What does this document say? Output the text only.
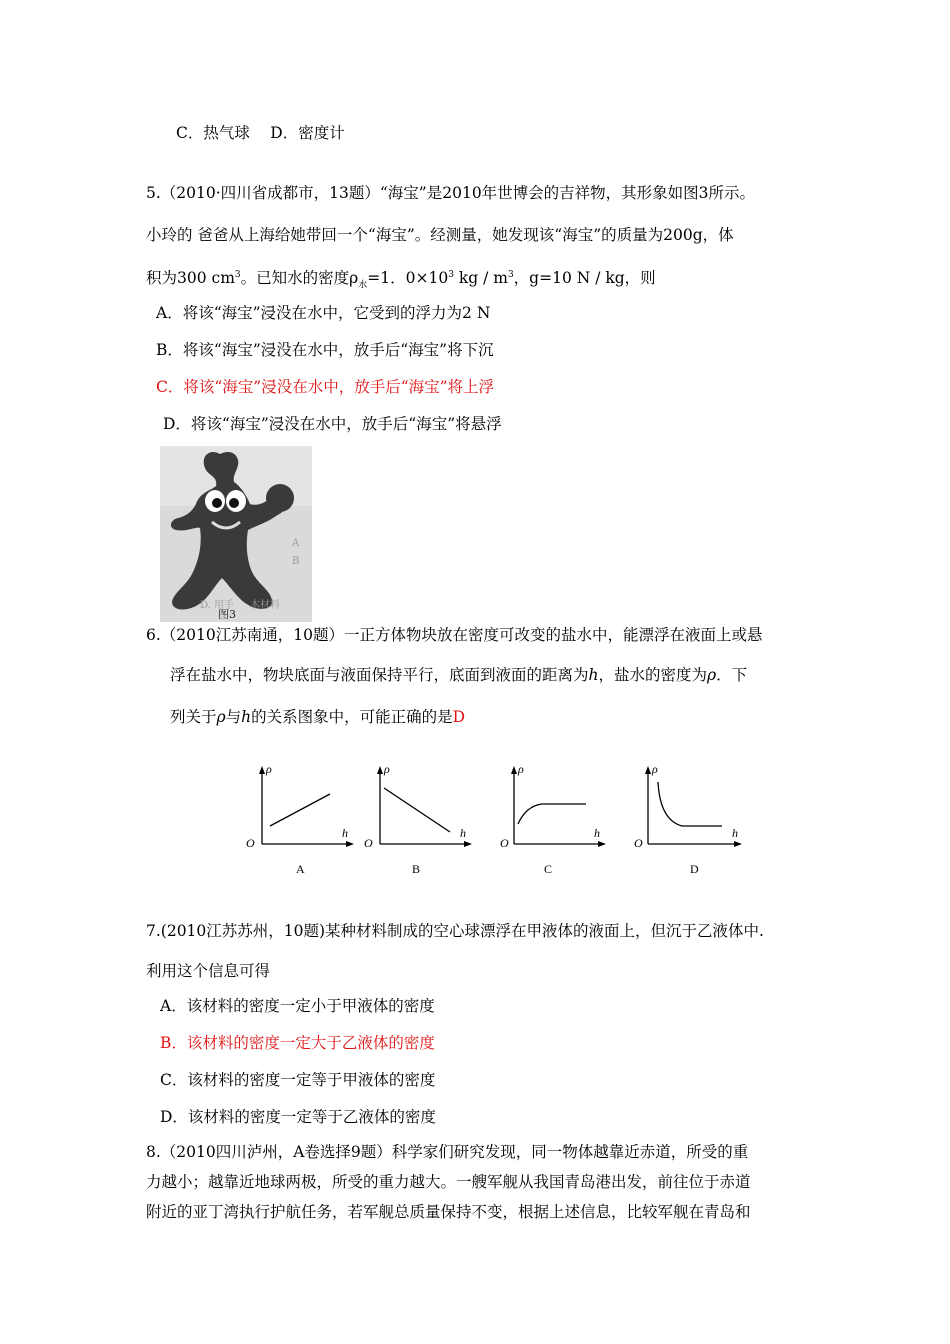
C．热气球　 D．密度计
5.（2010·四川省成都市，13题）“海宝”是2010年世博会的吉祥物，其形象如图3所示。
小玲的 爸爸从上海给她带回一个“海宝”。经测量，她发现该“海宝”的质量为200g，体
积为300 $cm^3$。已知水的密度$\rho_水=1$．$0\times 10^3$ kg / $m^3$，g=10 N / kg，则
A．将该“海宝”浸没在水中，它受到的浮力为2 N
B．将该“海宝”浸没在水中，放手后“海宝”将下沉
C．将该“海宝”浸没在水中，放手后“海宝”将上浮
D．将该“海宝”浸没在水中，放手后“海宝”将悬浮
A
B
D. 用手 木材料
图3
6.（2010江苏南通，10题）一正方体物块放在密度可改变的盐水中，能漂浮在液面上或悬
浮在盐水中，物块底面与液面保持平行，底面到液面的距离为h，盐水的密度为ρ．下
列关于ρ与h的关系图象中，可能正确的是D
ρ
h
O
A
ρ
h
O
B
ρ
h
O
C
ρ
h
O
D
7.(2010江苏苏州，10题)某种材料制成的空心球漂浮在甲液体的液面上，但沉于乙液体中.
利用这个信息可得
A．该材料的密度一定小于甲液体的密度
B．该材料的密度一定大于乙液体的密度
C．该材料的密度一定等于甲液体的密度
D．该材料的密度一定等于乙液体的密度
8.（2010四川泸州，A卷选择9题）科学家们研究发现，同一物体越靠近赤道，所受的重
力越小；越靠近地球两极，所受的重力越大。一艘军舰从我国青岛港出发，前往位于赤道
附近的亚丁湾执行护航任务，若军舰总质量保持不变，根据上述信息，比较军舰在青岛和
